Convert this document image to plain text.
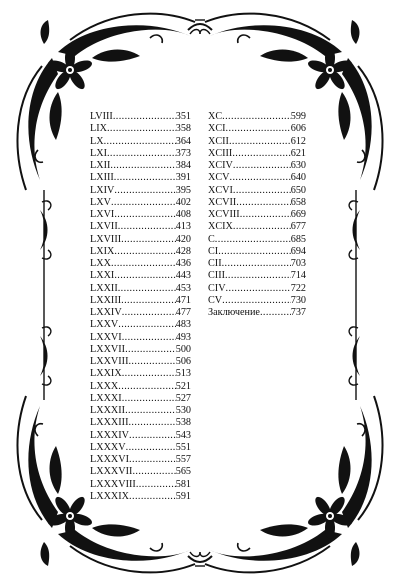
LVIII .....	351
LIX .....	358
LX .....	364
LXI .....	373
LXII .....	384
LXIII .....	391
LXIV .....	395
LXV .....	402
LXVI .....	408
LXVII .....	413
LXVIII .....	420
LXIX .....	428
LXX .....	436
LXXI .....	443
LXXII .....	453
LXXIII .....	471
LXXIV .....	477
LXXV .....	483
LXXVI .....	493
LXXVII .....	500
LXXVIII .....	506
LXXIX .....	513
LXXX .....	521
LXXXI .....	527
LXXXII .....	530
LXXXIII .....	538
LXXXIV .....	543
LXXXV .....	551
LXXXVI .....	557
LXXXVII .....	565
LXXXVIII .....	581
LXXXIX .....	591
XC .....	599
XCI .....	606
XCII .....	612
XCIII .....	621
XCIV .....	630
XCV .....	640
XCVI .....	650
XCVII .....	658
XCVIII .....	669
XCIX .....	677
C .....	685
CI .....	694
CII .....	703
CIII .....	714
CIV .....	722
CV .....	730
Заключение .....	737
